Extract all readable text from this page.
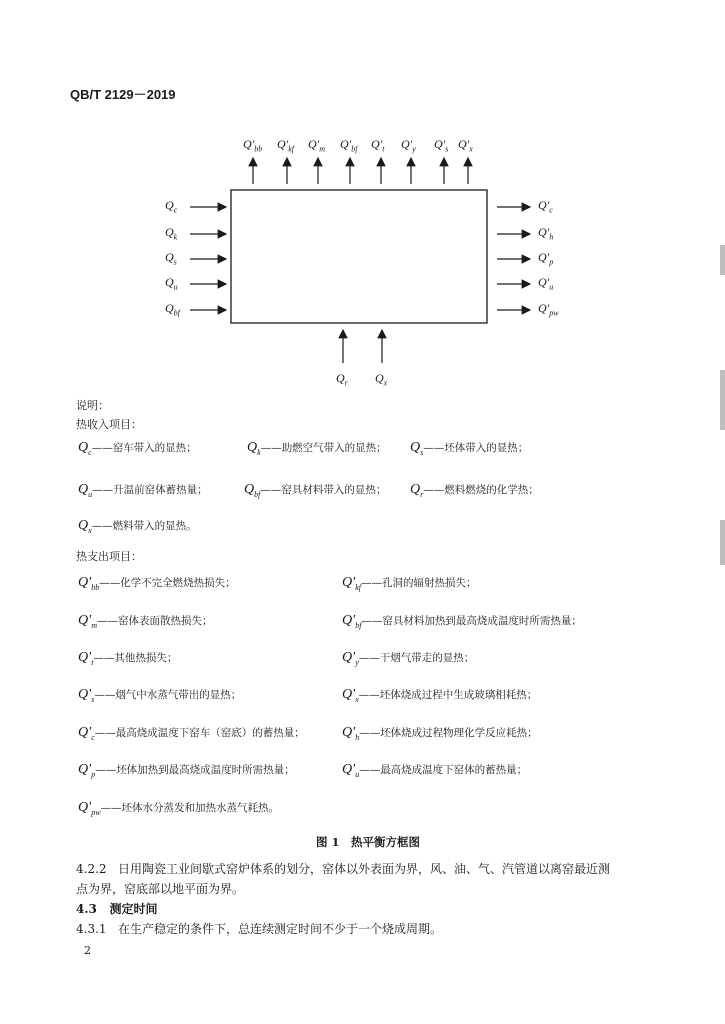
QB/T 2129－2019
$Q'_{bb}$ $Q'_{kf}$ $Q'_m$ $Q'_{bf}$ $Q'_t$ $Q'_y$ $Q'_s$ $Q'_x$
$Q_c$
$Q_k$
$Q_s$
$Q_u$
$Q_{bf}$
$Q'_c$
$Q'_h$
$Q'_p$
$Q'_u$
$Q'_{pw}$
$Q_r$ $Q_x$
说明：
热收入项目：
$Q_c——$窑车带入的显热；	$Q_k——$助燃空气带入的显热； $Q_s——$坯体带入的显热；
$Q_u——$升温前窑体蓄热量；	$Q_{bf}——$窑具材料带入的显热； $Q_r——$燃料燃烧的化学热；
$Q_x——$燃料带入的显热。
热支出项目：
$Q'_{bb}——$化学不完全燃烧热损失；	$Q'_{kf}——$孔洞的辐射热损失；
$Q'_m——$窑体表面散热损失；	$Q'_{bf}——$窑具材料加热到最高烧成温度时所需热量；
$Q'_t——$其他热损失；	$Q'_y——$干烟气带走的显热；
$Q'_s——$烟气中水蒸气带出的显热；	$Q'_x——$坯体烧成过程中生成玻璃相耗热；
$Q'_c——$最高烧成温度下窑车（窑底）的蓄热量；	$Q'_h——$坯体烧成过程物理化学反应耗热；
$Q'_p——$坯体加热到最高烧成温度时所需热量；	$Q'_u——$最高烧成温度下窑体的蓄热量；
$Q'_{pw}——$坯体水分蒸发和加热水蒸气耗热。
图 1　热平衡方框图
4.2.2 日用陶瓷工业间歇式窑炉体系的划分，窑体以外表面为界，风、油、气、汽管道以离窑最近测
点为界，窑底部以地平面为界。
4.3 测定时间
4.3.1 在生产稳定的条件下，总连续测定时间不少于一个烧成周期。
2
